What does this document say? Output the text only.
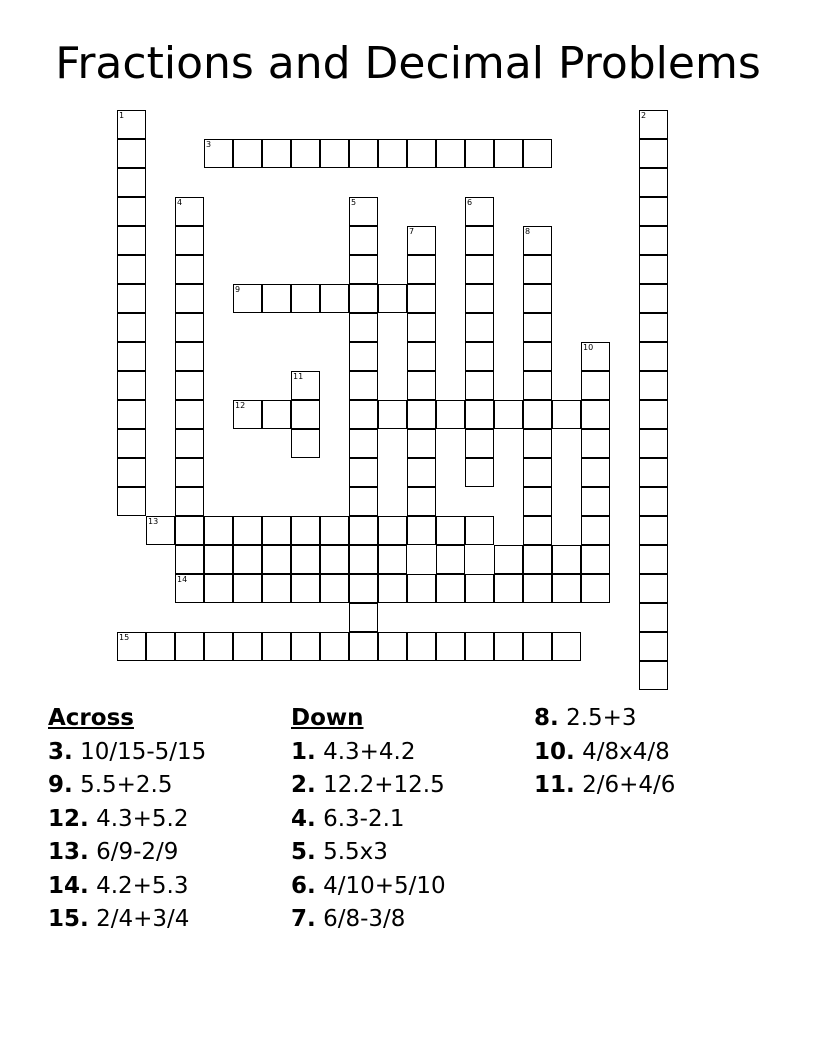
Fractions and Decimal Problems
1
4
13
3
5
7
6
8
9
10
11
12
14
15
2
Across
3. 10/15-5/15
9. 5.5+2.5
12. 4.3+5.2
13. 6/9-2/9
14. 4.2+5.3
15. 2/4+3/4
Down
1. 4.3+4.2
2. 12.2+12.5
4. 6.3-2.1
5. 5.5x3
6. 4/10+5/10
7. 6/8-3/8
8. 2.5+3
10. 4/8x4/8
11. 2/6+4/6
